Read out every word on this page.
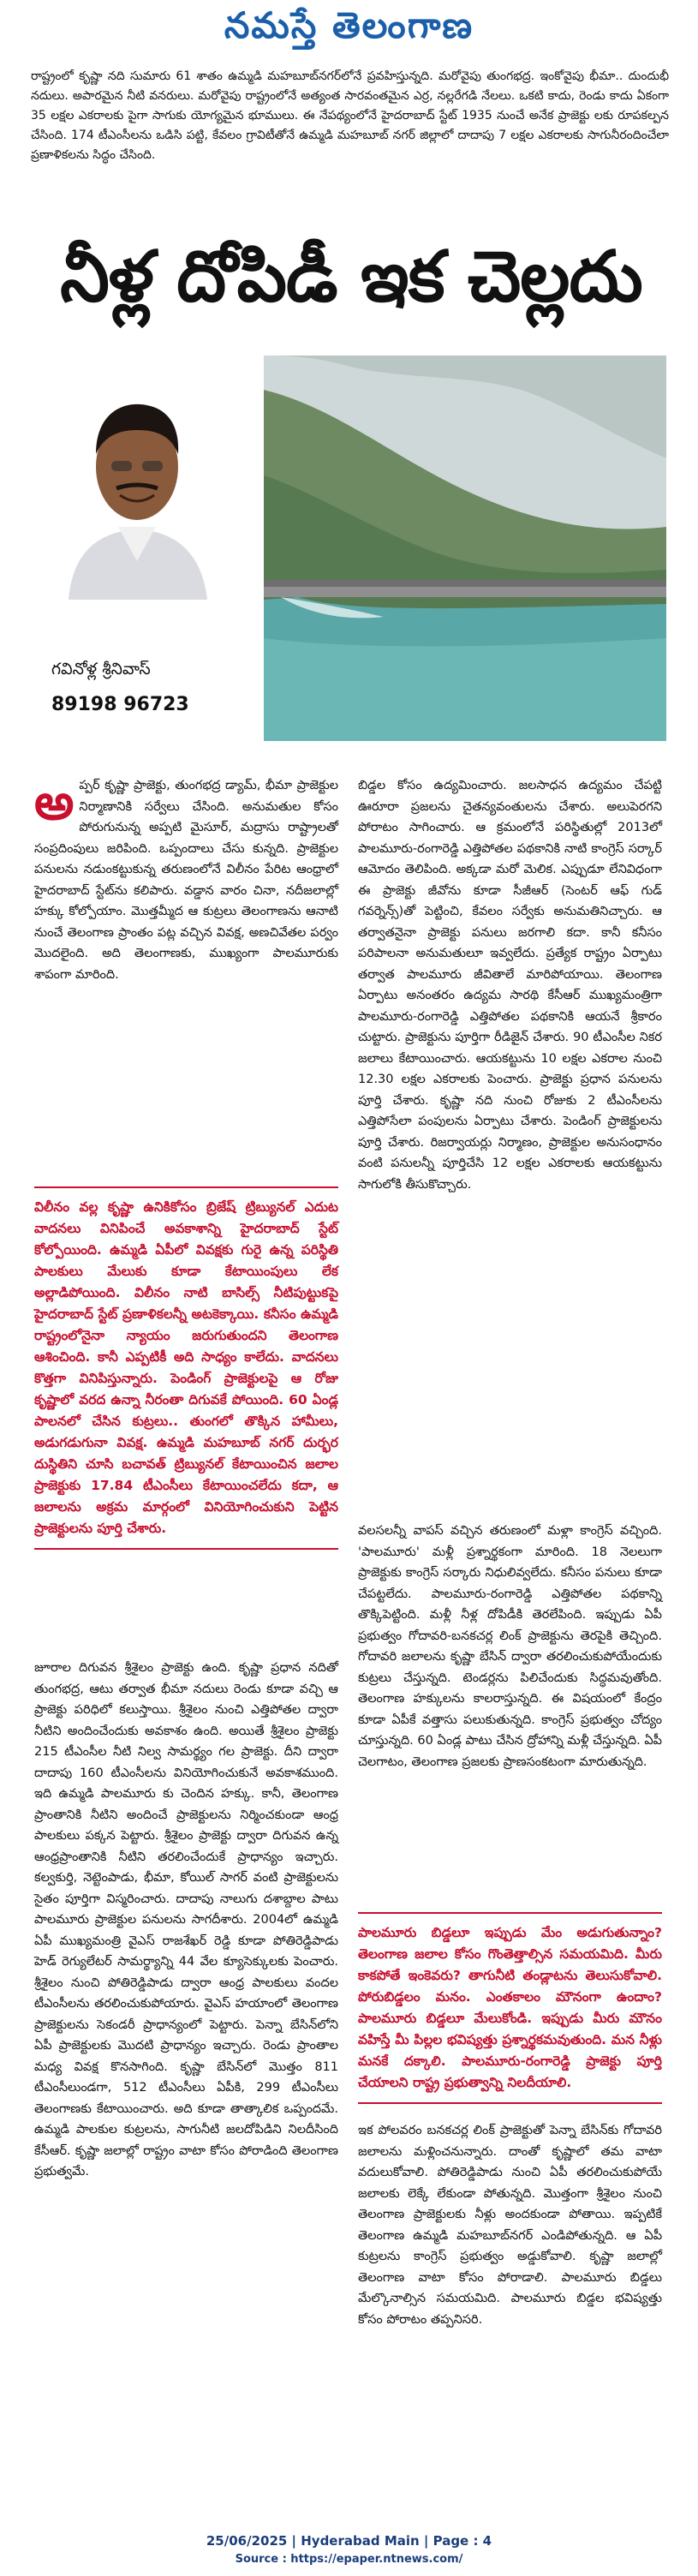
నమస్తే తెలంగాణ
రాష్ట్రంలో కృష్ణా నది సుమారు 61 శాతం ఉమ్మడి మహబూబ్‌నగర్‌లోనే ప్రవహిస్తున్నది. మరోవైపు తుంగభద్ర. ఇంకోవైపు భీమా.. దుందుభీ నదులు. అపారమైన నీటి వనరులు. మరోవైపు రాష్ట్రంలోనే అత్యంత సారవంతమైన ఎర్ర, నల్లరేగడి నేలలు. ఒకటి కాదు, రెండు కాదు ఏకంగా 35 లక్షల ఎకరాలకు పైగా సాగుకు యోగ్యమైన భూములు. ఈ నేపథ్యంలోనే హైదరాబాద్ స్టేట్ 1935 నుంచే అనేక ప్రాజెక్టు లకు రూపకల్పన చేసింది. 174 టీఎంసీలను ఒడిసి పట్టి, కేవలం గ్రావిటీతోనే ఉమ్మడి మహబూబ్ నగర్ జిల్లాలో దాదాపు 7 లక్షల ఎకరాలకు సాగునీరందించేలా ప్రణాళికలను సిద్ధం చేసింది.
నీళ్ల దోపిడీ ఇక చెల్లదు
గవినోళ్ల శ్రీనివాస్
89198 96723
అ ప్పర్ కృష్ణా ప్రాజెక్టు, తుంగభద్ర డ్యామ్, భీమా ప్రాజెక్టుల నిర్మాణానికి సర్వేలు చేసింది. అనుమతుల కోసం పోరుగునున్న అప్పటి మైసూర్, మద్రాసు రాష్ట్రాలతో సంప్రదింపులు జరిపింది. ఒప్పందాలు చేసు కున్నది. ప్రాజెక్టుల పనులను నడుంకట్టుకున్న తరుణంలోనే విలీనం పేరిట ఆంధ్రాలో హైదరాబాద్ స్టేట్‌ను కలిపారు. వడ్డాన వారం చినా, నదీజలాల్లో హక్కు కోల్పోయాం. మొత్తమ్మీద ఆ కుట్రలు తెలంగాణను ఆనాటి నుంచే తెలంగాణ ప్రాంతం పట్ల వచ్చిన వివక్ష, అణచివేతల పర్వం మొదలైంది. అది తెలంగాణకు, ముఖ్యంగా పాలమూరుకు శాపంగా మారింది.
బిడ్డల కోసం ఉద్యమించారు. జలసాధన ఉద్యమం చేపట్టి ఊరూరా ప్రజలను చైతన్యవంతులను చేశారు. అలుపెరగని పోరాటం సాగించారు. ఆ క్రమంలోనే పరిస్థితుల్లో 2013లో పాలమూరు-రంగారెడ్డి ఎత్తిపోతల పథకానికి నాటి కాంగ్రెస్ సర్కార్ ఆమోదం తెలిపింది. అక్కడా మరో మెలిక. ఎప్పుడూ లేనివిధంగా ఈ ప్రాజెక్టు జీవోను కూడా సీజీఆర్ (సెంటర్ ఆఫ్ గుడ్ గవర్నెన్స్)తో పెట్టించి, కేవలం సర్వేకు అనుమతినిచ్చారు. ఆ తర్వాతనైనా ప్రాజెక్టు పనులు జరగాలి కదా. కానీ కనీసం పరిపాలనా అనుమతులూ ఇవ్వలేదు. ప్రత్యేక రాష్ట్రం ఏర్పాటు తర్వాత పాలమూరు జీవితాలే మారిపోయాయి. తెలంగాణ ఏర్పాటు అనంతరం ఉద్యమ సారథి కేసీఆర్ ముఖ్యమంత్రిగా పాలమూరు-రంగారెడ్డి ఎత్తిపోతల పథకానికి ఆయనే శ్రీకారం చుట్టారు. ప్రాజెక్టును పూర్తిగా రీడిజైన్ చేశారు. 90 టీఎంసీల నికర జలాలు కేటాయించారు. ఆయకట్టును 10 లక్షల ఎకరాల నుంచి 12.30 లక్షల ఎకరాలకు పెంచారు. ప్రాజెక్టు ప్రధాన పనులను పూర్తి చేశారు. కృష్ణా నది నుంచి రోజుకు 2 టీఎంసీలను ఎత్తిపోసేలా పంపులను ఏర్పాటు చేశారు. పెండింగ్ ప్రాజెక్టులను పూర్తి చేశారు. రిజర్వాయర్లు నిర్మాణం, ప్రాజెక్టుల అనుసంధానం వంటి పనులన్నీ పూర్తిచేసి 12 లక్షల ఎకరాలకు ఆయకట్టును సాగులోకి తీసుకొచ్చారు.
విలీనం వల్ల కృష్ణా ఉనికికోసం బ్రిజేష్ ట్రిబ్యునల్ ఎదుట వాదనలు వినిపించే అవకాశాన్ని హైదరాబాద్ స్టేట్ కోల్పోయింది. ఉమ్మడి ఏపీలో వివక్షకు గురై ఉన్న పరిస్థితి పాలకులు మేలుకు కూడా కేటాయింపులు లేక అల్లాడిపోయింది. విలీనం నాటి బాసిల్స్ నీటిపుట్టుకపై హైదరాబాద్ స్టేట్ ప్రణాళికలన్నీ అటకెక్కాయి. కనీసం ఉమ్మడి రాష్ట్రంలోనైనా న్యాయం జరుగుతుందని తెలంగాణ ఆశించింది. కానీ ఎప్పటికీ అది సాధ్యం కాలేదు. వాదనలు కొత్తగా వినిపిస్తున్నారు. పెండింగ్ ప్రాజెక్టులపై ఆ రోజు కృష్ణాలో వరద ఉన్నా నీరంతా దిగువకే పోయింది. 60 ఏండ్ల పాలనలో చేసిన కుట్రలు.. తుంగలో తొక్కిన హామీలు, అడుగడుగునా వివక్ష. ఉమ్మడి మహబూబ్ నగర్ దుర్భర దుస్థితిని చూసి బచావత్ ట్రిబ్యునల్ కేటాయించిన జలాల ప్రాజెక్టుకు 17.84 టీఎంసీలు కేటాయించలేదు కదా, ఆ జలాలను అక్రమ మార్గంలో వినియోగించుకుని పెట్టిన ప్రాజెక్టులను పూర్తి చేశారు.
జూరాల దిగువన శ్రీశైలం ప్రాజెక్టు ఉంది. కృష్ణా ప్రధాన నదితో తుంగభద్ర, ఆటు తర్వాత భీమా నదులు రెండు కూడా వచ్చి ఆ ప్రాజెక్టు పరిధిలో కలుస్తాయి. శ్రీశైలం నుంచి ఎత్తిపోతల ద్వారా నీటిని అందించేందుకు అవకాశం ఉంది. అయితే శ్రీశైలం ప్రాజెక్టు 215 టీఎంసీల నీటి నిల్వ సామర్థ్యం గల ప్రాజెక్టు. దీని ద్వారా దాదాపు 160 టీఎంసీలను వినియోగించుకునే అవకాశముంది. ఇది ఉమ్మడి పాలమూరు కు చెందిన హక్కు. కానీ, తెలంగాణ ప్రాంతానికి నీటిని అందించే ప్రాజెక్టులను నిర్మించకుండా ఆంధ్ర పాలకులు పక్కన పెట్టారు. శ్రీశైలం ప్రాజెక్టు ద్వారా దిగువన ఉన్న ఆంధ్రప్రాంతానికి నీటిని తరలించేందుకే ప్రాధాన్యం ఇచ్చారు. కల్వకుర్తి, నెట్టెంపాడు, భీమా, కోయిల్ సాగర్ వంటి ప్రాజెక్టులను సైతం పూర్తిగా విస్మరించారు. దాదాపు నాలుగు దశాబ్దాల పాటు పాలమూరు ప్రాజెక్టుల పనులను సాగదీశారు. 2004లో ఉమ్మడి ఏపీ ముఖ్యమంత్రి వైఎస్ రాజశేఖర్ రెడ్డి కూడా పోతిరెడ్డిపాడు హెడ్ రెగ్యులేటర్ సామర్థ్యాన్ని 44 వేల క్యూసెక్కులకు పెంచారు. శ్రీశైలం నుంచి పోతిరెడ్డిపాడు ద్వారా ఆంధ్ర పాలకులు వందల టీఎంసీలను తరలించుకుపోయారు. వైఎస్ హయాంలో తెలంగాణ ప్రాజెక్టులను సెకండరీ ప్రాధాన్యంలో పెట్టారు. పెన్నా బేసిన్‌లోని ఏపీ ప్రాజెక్టులకు మొదటి ప్రాధాన్యం ఇచ్చారు. రెండు ప్రాంతాల మధ్య వివక్ష కొనసాగింది. కృష్ణా బేసిన్‌లో మొత్తం 811 టీఎంసీలుండగా, 512 టీఎంసీలు ఏపీకి, 299 టీఎంసీలు తెలంగాణకు కేటాయించారు. అది కూడా తాత్కాలిక ఒప్పందమే. ఉమ్మడి పాలకుల కుట్రలను, సాగునీటి జలదోపిడిని నిలదీసింది కేసీఆర్. కృష్ణా జలాల్లో రాష్ట్రం వాటా కోసం పోరాడింది తెలంగాణ ప్రభుత్వమే.
వలసలన్నీ వాపస్ వచ్చిన తరుణంలో మళ్లా కాంగ్రెస్ వచ్చింది. 'పాలమూరు' మళ్లీ ప్రశ్నార్థకంగా మారింది. 18 నెలలుగా ప్రాజెక్టుకు కాంగ్రెస్ సర్కారు నిధులివ్వలేదు. కనీసం పనులు కూడా చేపట్టలేదు. పాలమూరు-రంగారెడ్డి ఎత్తిపోతల పథకాన్ని తొక్కిపెట్టింది. మళ్లీ నీళ్ల దోపిడీకి తెరలేపింది. ఇప్పుడు ఏపీ ప్రభుత్వం గోదావరి-బనకచర్ల లింక్ ప్రాజెక్టును తెరపైకి తెచ్చింది. గోదావరి జలాలను కృష్ణా బేసిన్ ద్వారా తరలించుకుపోయేందుకు కుట్రలు చేస్తున్నది. టెండర్లను పిలిచేందుకు సిద్ధమవుతోంది. తెలంగాణ హక్కులను కాలరాస్తున్నది. ఈ విషయంలో కేంద్రం కూడా ఏపీకే వత్తాసు పలుకుతున్నది. కాంగ్రెస్ ప్రభుత్వం చోద్యం చూస్తున్నది. 60 ఏండ్ల పాటు చేసిన ద్రోహాన్ని మళ్లీ చేస్తున్నది. ఏపీ చెలగాటం, తెలంగాణ ప్రజలకు ప్రాణసంకటంగా మారుతున్నది.
పాలమూరు బిడ్డలూ ఇప్పుడు మేం అడుగుతున్నాం? తెలంగాణ జలాల కోసం గొంతెత్తాల్సిన సమయమిది. మీరు కాకపోతే ఇంకెవరు? తాగునీటి తండ్లాటను తెలుసుకోవాలి. పోరుబిడ్డలం మనం. ఎంతకాలం మౌనంగా ఉందాం? పాలమూరు బిడ్డలూ మేలుకోండి. ఇప్పుడు మీరు మౌనం వహిస్తే మీ పిల్లల భవిష్యత్తు ప్రశ్నార్థకమవుతుంది. మన నీళ్లు మనకే దక్కాలి. పాలమూరు-రంగారెడ్డి ప్రాజెక్టు పూర్తి చేయాలని రాష్ట్ర ప్రభుత్వాన్ని నిలదీయాలి.
ఇక పోలవరం బనకచర్ల లింక్ ప్రాజెక్టుతో పెన్నా బేసిన్‌కు గోదావరి జలాలను మళ్లించనున్నారు. దాంతో కృష్ణాలో తమ వాటా వదులుకోవాలి. పోతిరెడ్డిపాడు నుంచి ఏపీ తరలించుకుపోయే జలాలకు లెక్కే లేకుండా పోతున్నది. మొత్తంగా శ్రీశైలం నుంచి తెలంగాణ ప్రాజెక్టులకు నీళ్లు అందకుండా పోతాయి. ఇప్పటికే తెలంగాణ ఉమ్మడి మహబూబ్‌నగర్ ఎండిపోతున్నది. ఆ ఏపీ కుట్రలను కాంగ్రెస్ ప్రభుత్వం అడ్డుకోవాలి. కృష్ణా జలాల్లో తెలంగాణ వాటా కోసం పోరాడాలి. పాలమూరు బిడ్డలు మేల్కొనాల్సిన సమయమిది. పాలమూరు బిడ్డల భవిష్యత్తు కోసం పోరాటం తప్పనిసరి.
25/06/2025 | Hyderabad Main | Page : 4
Source : https://epaper.ntnews.com/
